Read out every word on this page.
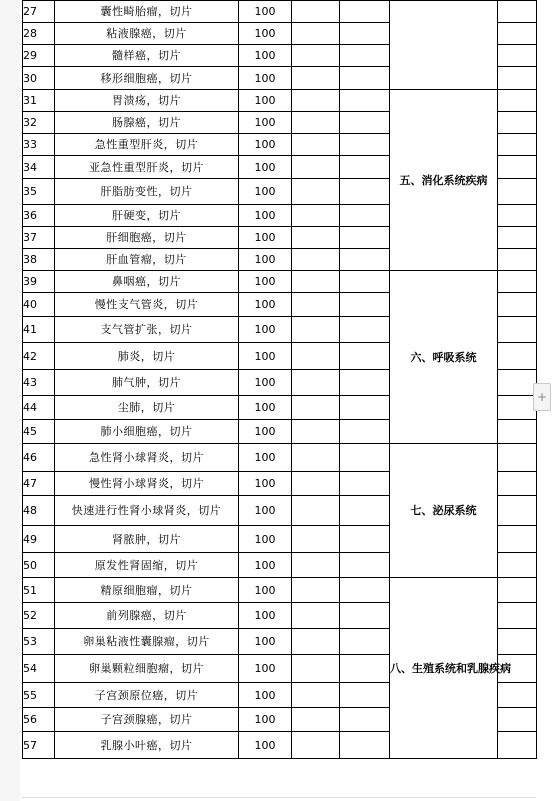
27	囊性畸胎瘤，切片	100				
28	粘液腺癌，切片	100				
29	髓样癌，切片	100				
30	移形细胞癌，切片	100				
31	胃溃疡，切片	100			五、消化系统疾病	
32	肠腺癌，切片	100				
33	急性重型肝炎，切片	100				
34	亚急性重型肝炎，切片	100				
35	肝脂肪变性，切片	100				
36	肝硬变，切片	100				
37	肝细胞癌，切片	100				
38	肝血管瘤，切片	100				
39	鼻咽癌，切片	100			六、呼吸系统	
40	慢性支气管炎，切片	100				
41	支气管扩张，切片	100				
42	肺炎，切片	100				
43	肺气肿，切片	100				
44	尘肺，切片	100				
45	肺小细胞癌，切片	100				
46	急性肾小球肾炎，切片	100			七、泌尿系统	
47	慢性肾小球肾炎，切片	100				
48	快速进行性肾小球肾炎，切片	100				
49	肾脓肿，切片	100				
50	原发性肾固缩，切片	100				
51	精原细胞瘤，切片	100			八、生殖系统和乳腺疾病	
52	前列腺癌，切片	100				
53	卵巢粘液性囊腺瘤，切片	100				
54	卵巢颗粒细胞瘤，切片	100				
55	子宫颈原位癌，切片	100				
56	子宫颈腺癌，切片	100				
57	乳腺小叶癌，切片	100				
+
